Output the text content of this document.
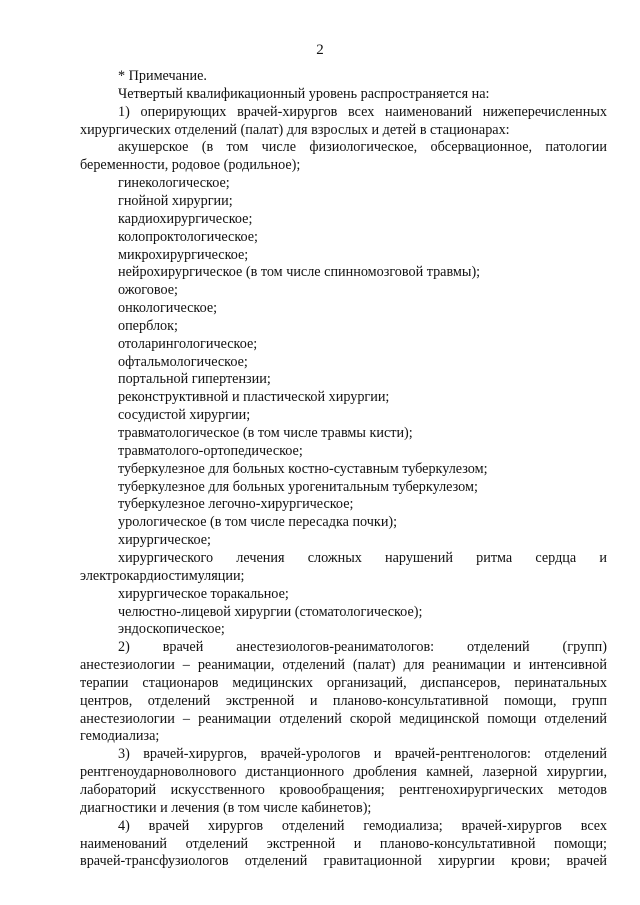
2
* Примечание.
Четвертый квалификационный уровень распространяется на:
1) оперирующих врачей-хирургов всех наименований нижеперечисленных
хирургических отделений (палат) для взрослых и детей в стационарах:
акушерское (в том числе физиологическое, обсервационное, патологии
беременности, родовое (родильное);
гинекологическое;
гнойной хирургии;
кардиохирургическое;
колопроктологическое;
микрохирургическое;
нейрохирургическое (в том числе спинномозговой травмы);
ожоговое;
онкологическое;
оперблок;
отоларингологическое;
офтальмологическое;
портальной гипертензии;
реконструктивной и пластической хирургии;
сосудистой хирургии;
травматологическое (в том числе травмы кисти);
травматолого-ортопедическое;
туберкулезное для больных костно-суставным туберкулезом;
туберкулезное для больных урогенитальным туберкулезом;
туберкулезное легочно-хирургическое;
урологическое (в том числе пересадка почки);
хирургическое;
хирургического лечения сложных нарушений ритма сердца и
электрокардиостимуляции;
хирургическое торакальное;
челюстно-лицевой хирургии (стоматологическое);
эндоскопическое;
2) врачей анестезиологов-реаниматологов: отделений (групп)
анестезиологии – реанимации, отделений (палат) для реанимации и интенсивной
терапии стационаров медицинских организаций, диспансеров, перинатальных
центров, отделений экстренной и планово-консультативной помощи, групп
анестезиологии – реанимации отделений скорой медицинской помощи отделений
гемодиализа;
3) врачей-хирургов, врачей-урологов и врачей-рентгенологов: отделений
рентгеноударноволнового дистанционного дробления камней, лазерной хирургии,
лабораторий искусственного кровообращения; рентгенохирургических методов
диагностики и лечения (в том числе кабинетов);
4) врачей хирургов отделений гемодиализа; врачей-хирургов всех
наименований отделений экстренной и планово-консультативной помощи;
врачей-трансфузиологов отделений гравитационной хирургии крови; врачей
